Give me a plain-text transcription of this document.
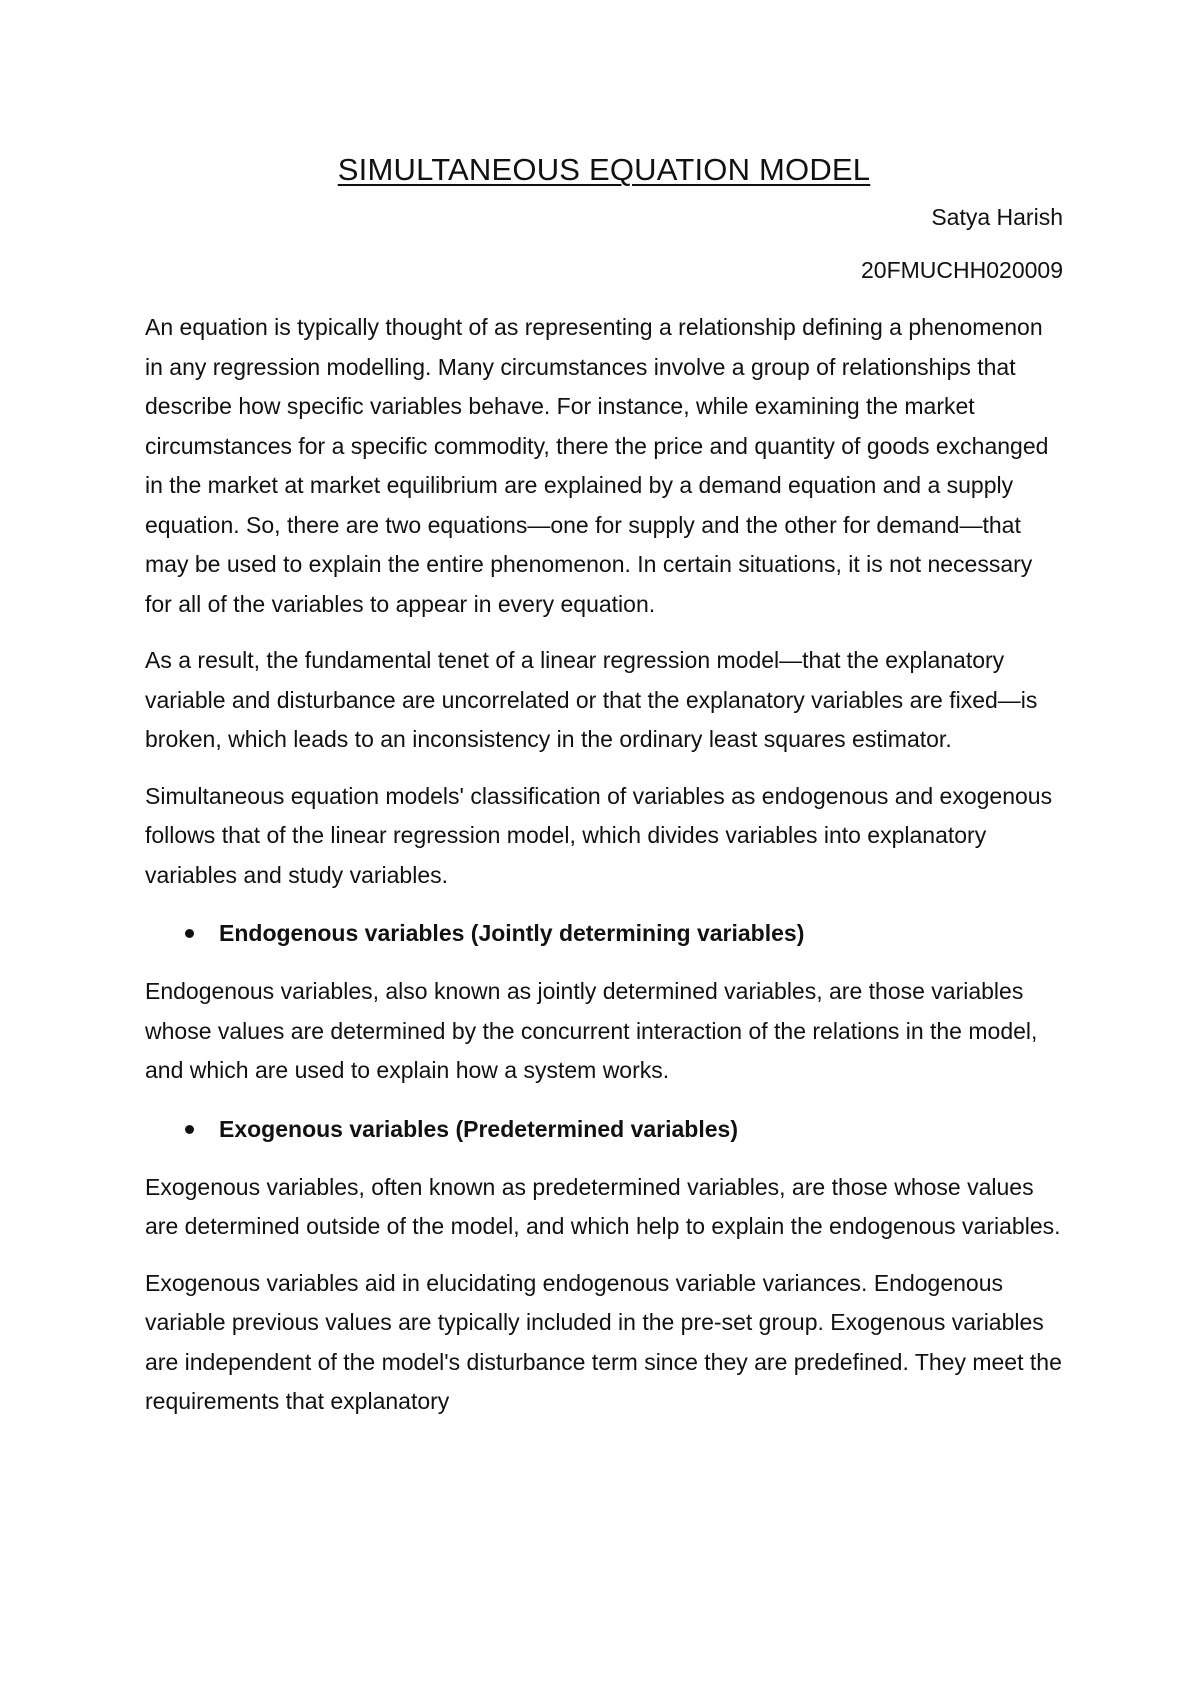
SIMULTANEOUS EQUATION MODEL
Satya Harish
20FMUCHH020009

An equation is typically thought of as representing a relationship defining a phenomenon in any regression modelling. Many circumstances involve a group of relationships that describe how specific variables behave. For instance, while examining the market circumstances for a specific commodity, there the price and quantity of goods exchanged in the market at market equilibrium are explained by a demand equation and a supply equation. So, there are two equations—one for supply and the other for demand—that may be used to explain the entire phenomenon. In certain situations, it is not necessary for all of the variables to appear in every equation.

As a result, the fundamental tenet of a linear regression model—that the explanatory variable and disturbance are uncorrelated or that the explanatory variables are fixed—is broken, which leads to an inconsistency in the ordinary least squares estimator.

Simultaneous equation models' classification of variables as endogenous and exogenous follows that of the linear regression model, which divides variables into explanatory variables and study variables.

Endogenous variables (Jointly determining variables)

Endogenous variables, also known as jointly determined variables, are those variables whose values are determined by the concurrent interaction of the relations in the model, and which are used to explain how a system works.

Exogenous variables (Predetermined variables)

Exogenous variables, often known as predetermined variables, are those whose values are determined outside of the model, and which help to explain the endogenous variables.

Exogenous variables aid in elucidating endogenous variable variances. Endogenous variable previous values are typically included in the pre-set group. Exogenous variables are independent of the model's disturbance term since they are predefined. They meet the requirements that explanatory
